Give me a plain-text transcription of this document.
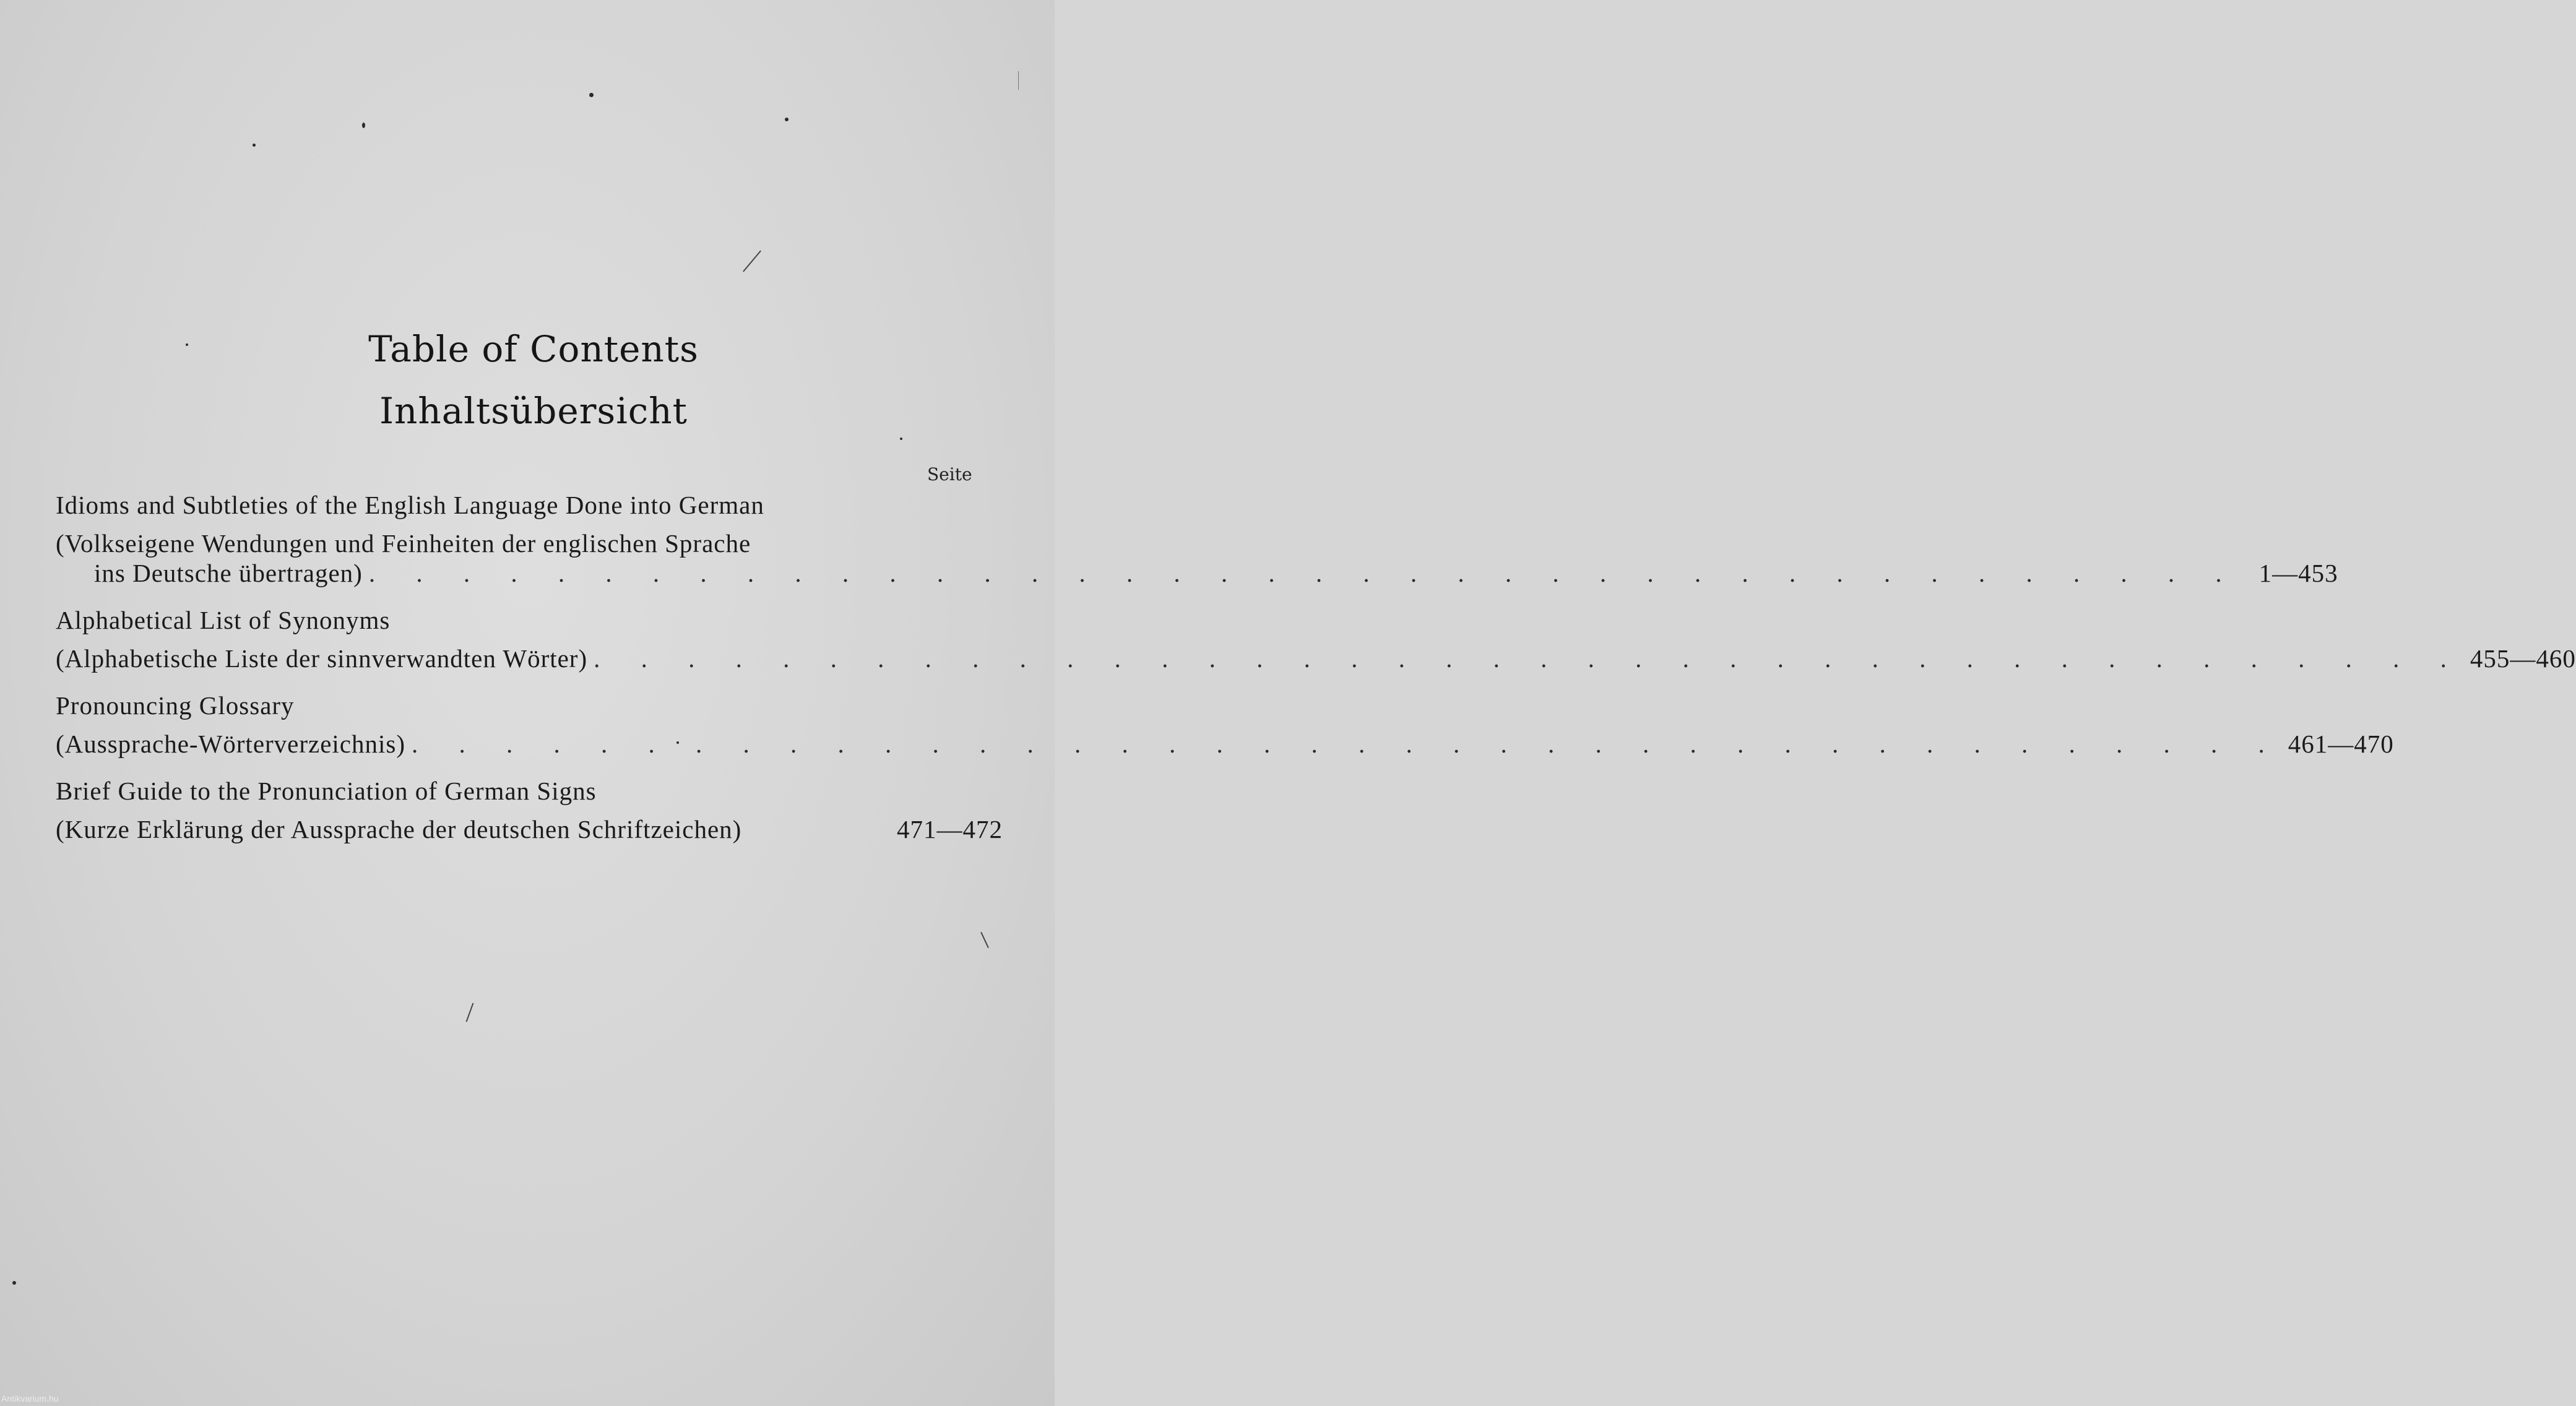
Table of Contents
Inhaltsübersicht
Seite
Idioms and Subtleties of the English Language Done into German
(Volkseigene Wendungen und Feinheiten der englischen Sprache
ins Deutsche übertragen) . . . . . . . . . . . . . . . . . . . . . . . . . . . . . . . . . . . . . . . . 1—453
Alphabetical List of Synonyms
(Alphabetische Liste der sinnverwandten Wörter) . . . . . . . . . . . . . . . . . . . . . . . . . . . . . . . . . . . . . . . . 455—460
Pronouncing Glossary
(Aussprache-Wörterverzeichnis) . . . . . . . . . . . . . . . . . . . . . . . . . . . . . . . . . . . . . . . . 461—470
Brief Guide to the Pronunciation of German Signs
(Kurze Erklärung der Aussprache der deutschen Schriftzeichen)	471—472
Antikvarium.hu
